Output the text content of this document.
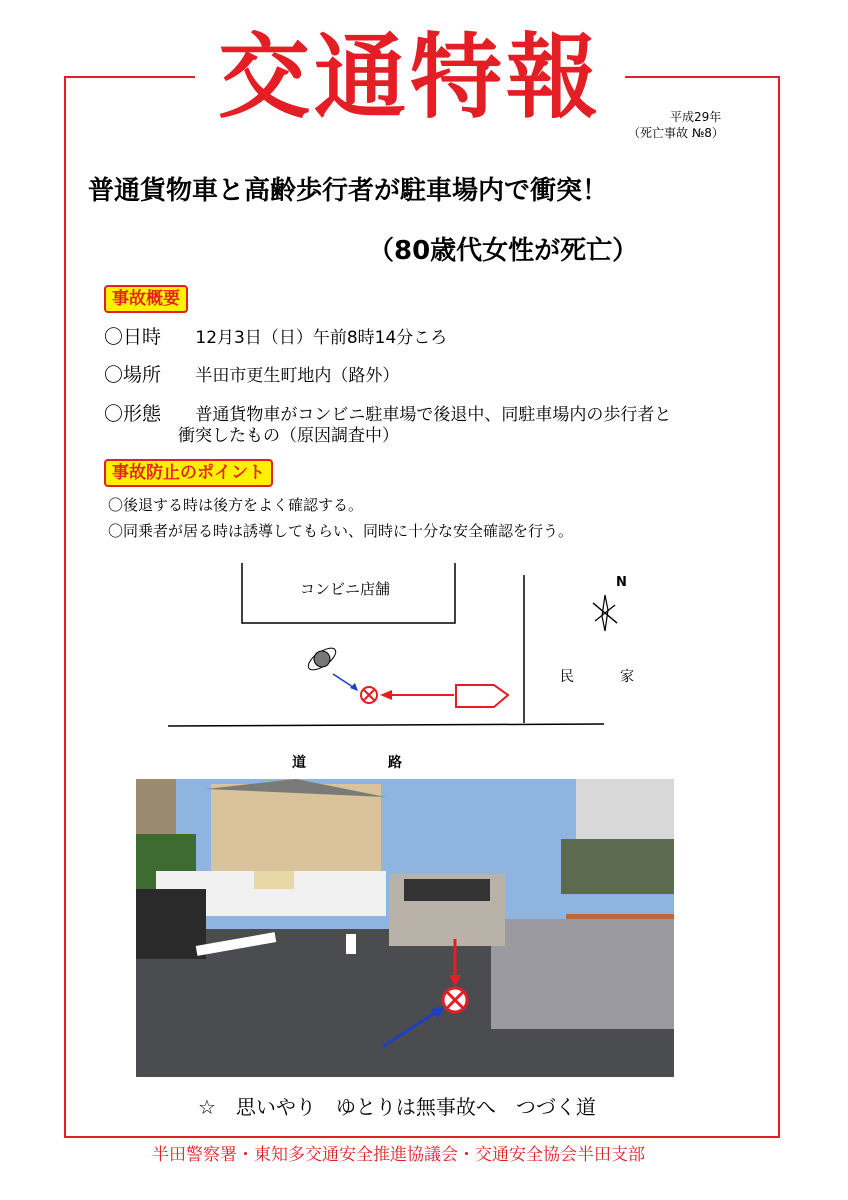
交通特報	平成29年
（死亡事故 №8）
普通貨物車と高齢歩行者が駐車場内で衝突！
（80歳代女性が死亡）
事故概要
〇日時 12月3日（日）午前8時14分ころ
〇場所 半田市更生町地内（路外）
〇形態 普通貨物車がコンビニ駐車場で後退中、同駐車場内の歩行者と
衝突したもの（原因調査中）
事故防止のポイント
〇後退する時は後方をよく確認する。
〇同乗者が居る時は誘導してもらい、同時に十分な安全確認を行う。
コンビニ店舗	N
民家
道路
☆　思いやり　ゆとりは無事故へ　つづく道
半田警察署・東知多交通安全推進協議会・交通安全協会半田支部
